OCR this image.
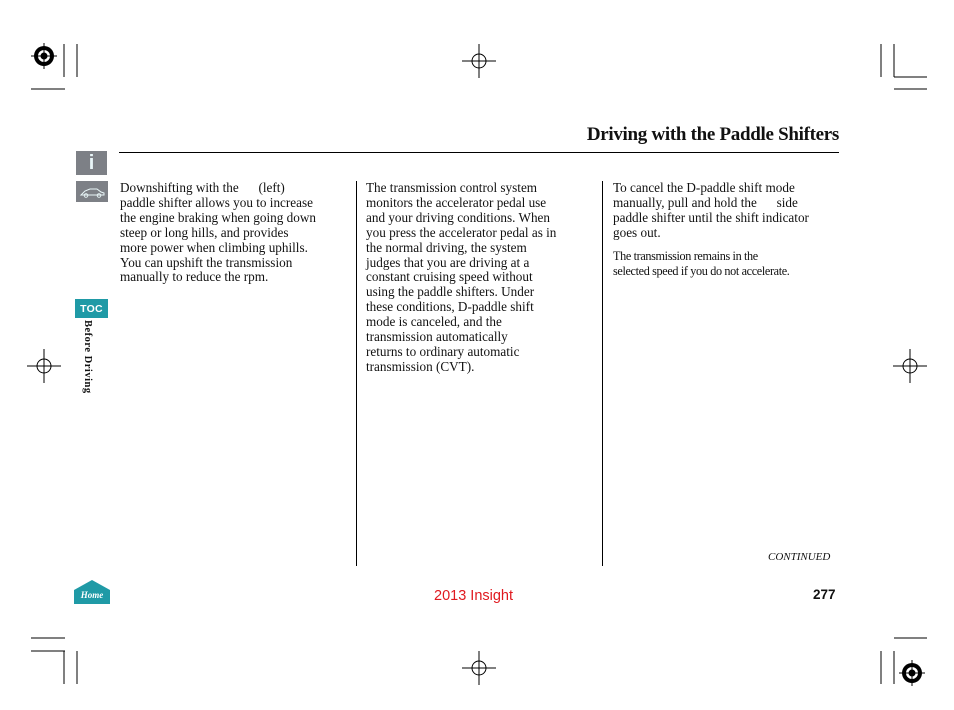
Driving with the Paddle Shifters
i
TOC
Before Driving
Home

Downshifting with the      (left)
paddle shifter allows you to increase
the engine braking when going down
steep or long hills, and provides
more power when climbing uphills.
You can upshift the transmission
manually to reduce the rpm.

The transmission control system
monitors the accelerator pedal use
and your driving conditions. When
you press the accelerator pedal as in
the normal driving, the system
judges that you are driving at a
constant cruising speed without
using the paddle shifters. Under
these conditions, D-paddle shift
mode is canceled, and the
transmission automatically
returns to ordinary automatic
transmission (CVT).

To cancel the D-paddle shift mode
manually, pull and hold the      side
paddle shifter until the shift indicator
goes out.

The transmission remains in the
selected speed if you do not accelerate.

CONTINUED
2013 Insight	277
